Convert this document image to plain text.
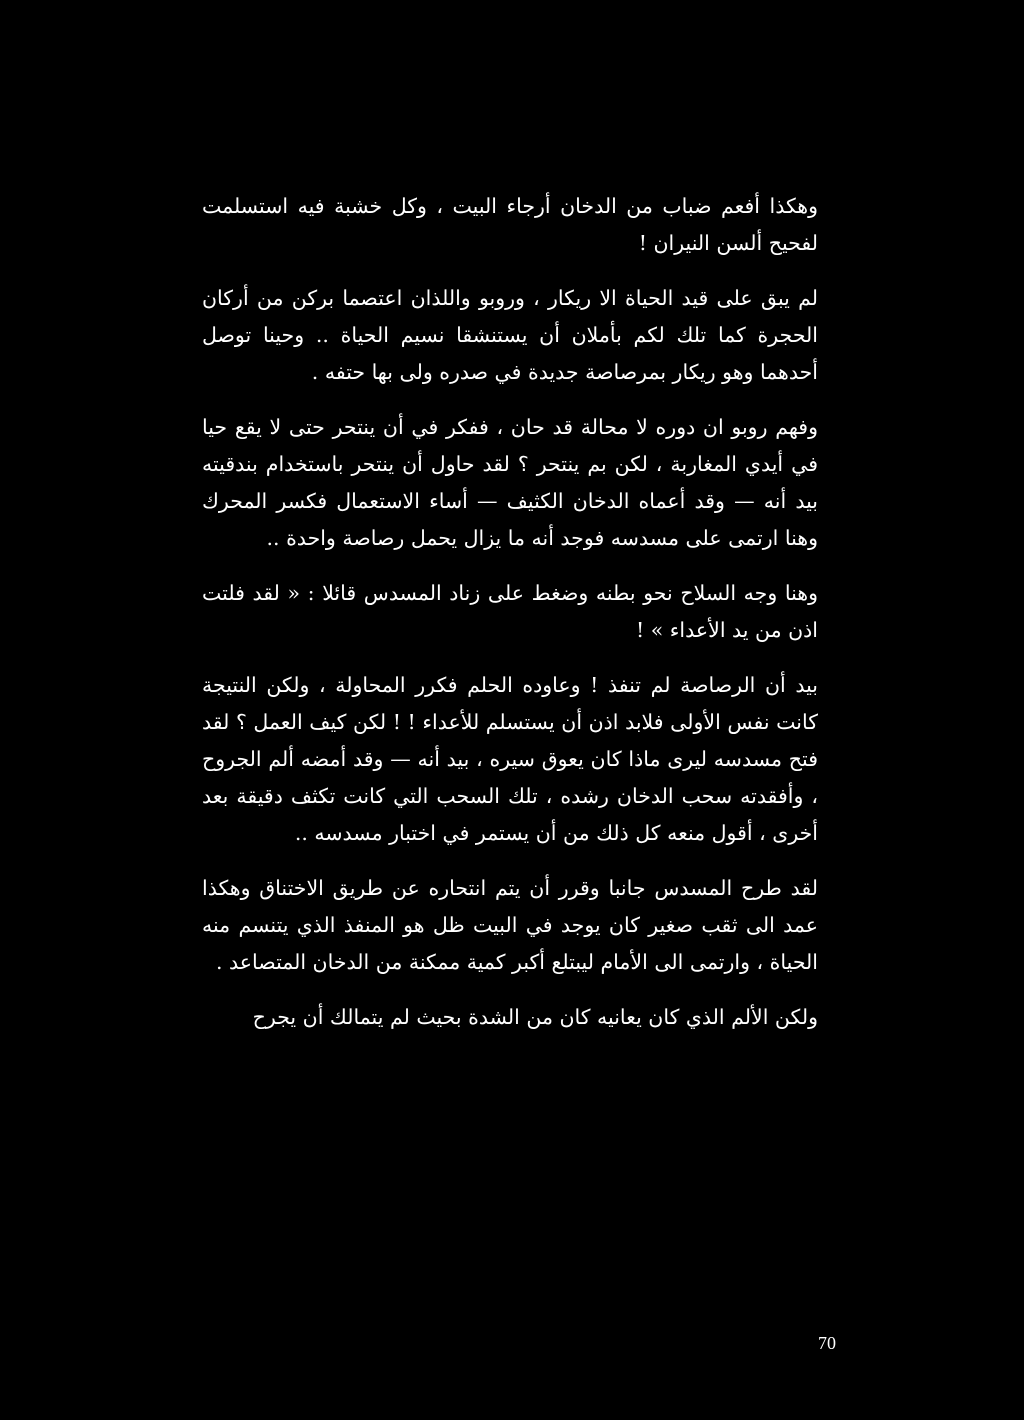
وهكذا أفعم ضباب من الدخان أرجاء البيت ، وكل خشبة فيه استسلمت لفحيح ألسن النيران !

لم يبق على قيد الحياة الا ريكار ، وروبو واللذان اعتصما بركن من أركان الحجرة كما تلك لكم بأملان أن يستنشقا نسيم الحياة .. وحينا توصل أحدهما وهو ريكار بمرصاصة جديدة في صدره ولى بها حتفه .

وفهم روبو ان دوره لا محالة قد حان ، ففكر في أن ينتحر حتى لا يقع حيا في أيدي المغاربة ، لكن بم ينتحر ؟ لقد حاول أن ينتحر باستخدام بندقيته بيد أنه — وقد أعماه الدخان الكثيف — أساء الاستعمال فكسر المحرك وهنا ارتمى على مسدسه فوجد أنه ما يزال يحمل رصاصة واحدة ..

وهنا وجه السلاح نحو بطنه وضغط على زناد المسدس قائلا : « لقد فلتت اذن من يد الأعداء » !

بيد أن الرصاصة لم تنفذ ! وعاوده الحلم فكرر المحاولة ، ولكن النتيجة كانت نفس الأولى فلابد اذن أن يستسلم للأعداء ! ! لكن كيف العمل ؟ لقد فتح مسدسه ليرى ماذا كان يعوق سيره ، بيد أنه — وقد أمضه ألم الجروح ، وأفقدته سحب الدخان رشده ، تلك السحب التي كانت تكثف دقيقة بعد أخرى ، أقول منعه كل ذلك من أن يستمر في اختبار مسدسه ..

لقد طرح المسدس جانبا وقرر أن يتم انتحاره عن طريق الاختناق وهكذا عمد الى ثقب صغير كان يوجد في البيت ظل هو المنفذ الذي يتنسم منه الحياة ، وارتمى الى الأمام ليبتلع أكبر كمية ممكنة من الدخان المتصاعد .

ولكن الألم الذي كان يعانيه كان من الشدة بحيث لم يتمالك أن يجرح

70
